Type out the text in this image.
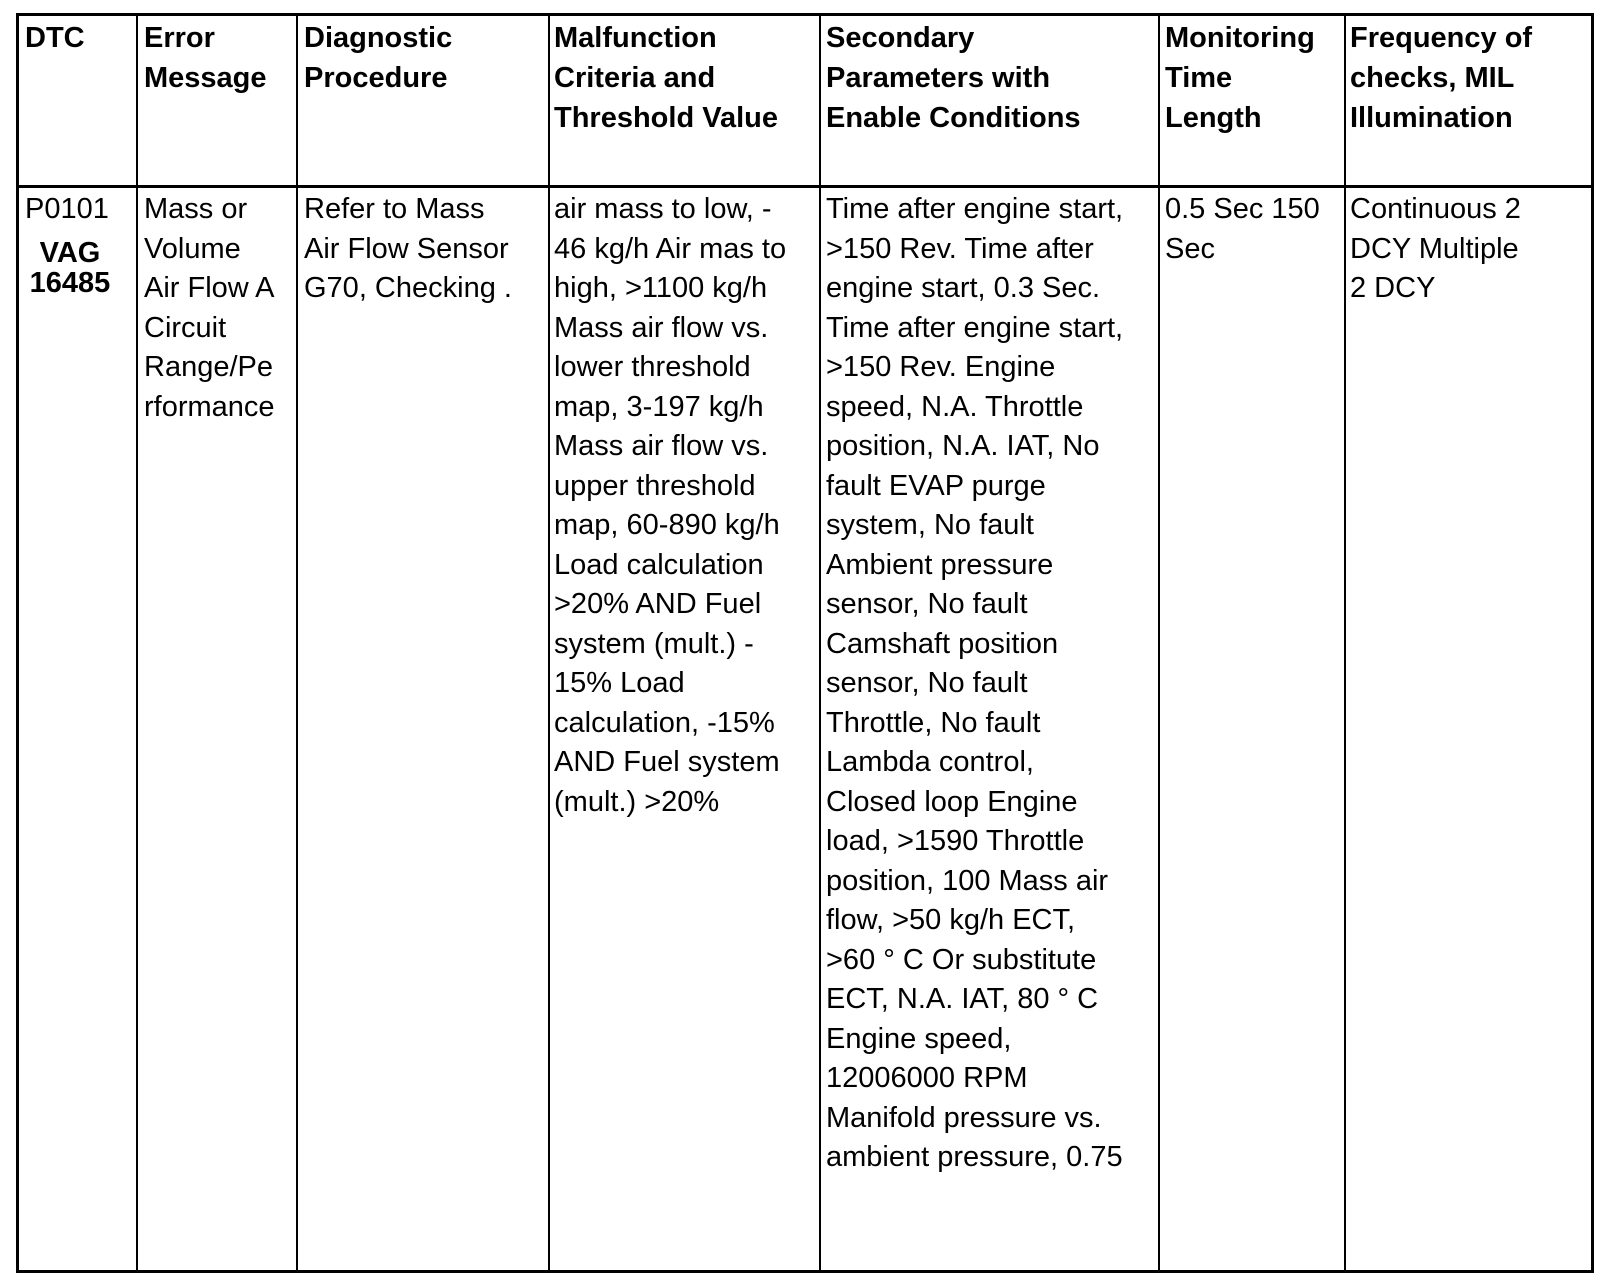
DTC	Error
Message
Diagnostic
Procedure
Malfunction
Criteria and
Threshold Value
Secondary
Parameters with
Enable Conditions
Monitoring
Time
Length
Frequency of
checks, MIL
Illumination
P0101
VAG
16485
Mass or
Volume
Air Flow A
Circuit
Range/Pe
rformance
Refer to Mass
Air Flow Sensor
G70, Checking .
air mass to low, -
46 kg/h Air mas to
high, >1100 kg/h
Mass air flow vs.
lower threshold
map, 3-197 kg/h
Mass air flow vs.
upper threshold
map, 60-890 kg/h
Load calculation
>20% AND Fuel
system (mult.) -
15% Load
calculation, -15%
AND Fuel system
(mult.) >20%
Time after engine start,
>150 Rev. Time after
engine start, 0.3 Sec.
Time after engine start,
>150 Rev. Engine
speed, N.A. Throttle
position, N.A. IAT, No
fault EVAP purge
system, No fault
Ambient pressure
sensor, No fault
Camshaft position
sensor, No fault
Throttle, No fault
Lambda control,
Closed loop Engine
load, >1590 Throttle
position, 100 Mass air
flow, >50 kg/h ECT,
>60 ° C Or substitute
ECT, N.A. IAT, 80 ° C
Engine speed,
12006000 RPM
Manifold pressure vs.
ambient pressure, 0.75
0.5 Sec 150
Sec
Continuous 2
DCY Multiple
2 DCY
